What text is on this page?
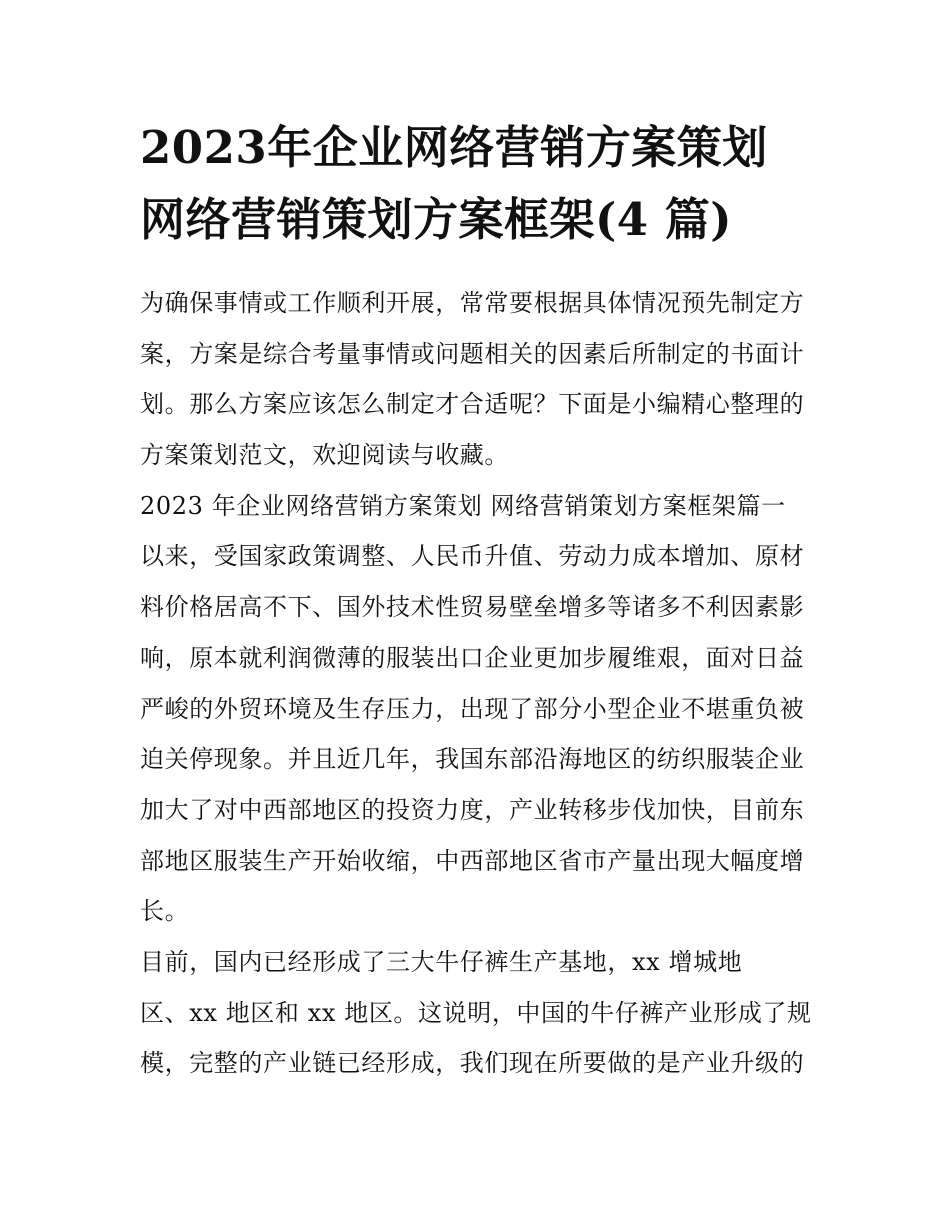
2023年企业网络营销方案策划
网络营销策划方案框架(4 篇)
为确保事情或工作顺利开展，常常要根据具体情况预先制定方
案，方案是综合考量事情或问题相关的因素后所制定的书面计
划。那么方案应该怎么制定才合适呢？下面是小编精心整理的
方案策划范文，欢迎阅读与收藏。
2023 年企业网络营销方案策划 网络营销策划方案框架篇一
以来，受国家政策调整、人民币升值、劳动力成本增加、原材
料价格居高不下、国外技术性贸易壁垒增多等诸多不利因素影
响，原本就利润微薄的服装出口企业更加步履维艰，面对日益
严峻的外贸环境及生存压力，出现了部分小型企业不堪重负被
迫关停现象。并且近几年，我国东部沿海地区的纺织服装企业
加大了对中西部地区的投资力度，产业转移步伐加快，目前东
部地区服装生产开始收缩，中西部地区省市产量出现大幅度增
长。
目前，国内已经形成了三大牛仔裤生产基地，xx 增城地
区、xx 地区和 xx 地区。这说明，中国的牛仔裤产业形成了规
模，完整的产业链已经形成，我们现在所要做的是产业升级的
